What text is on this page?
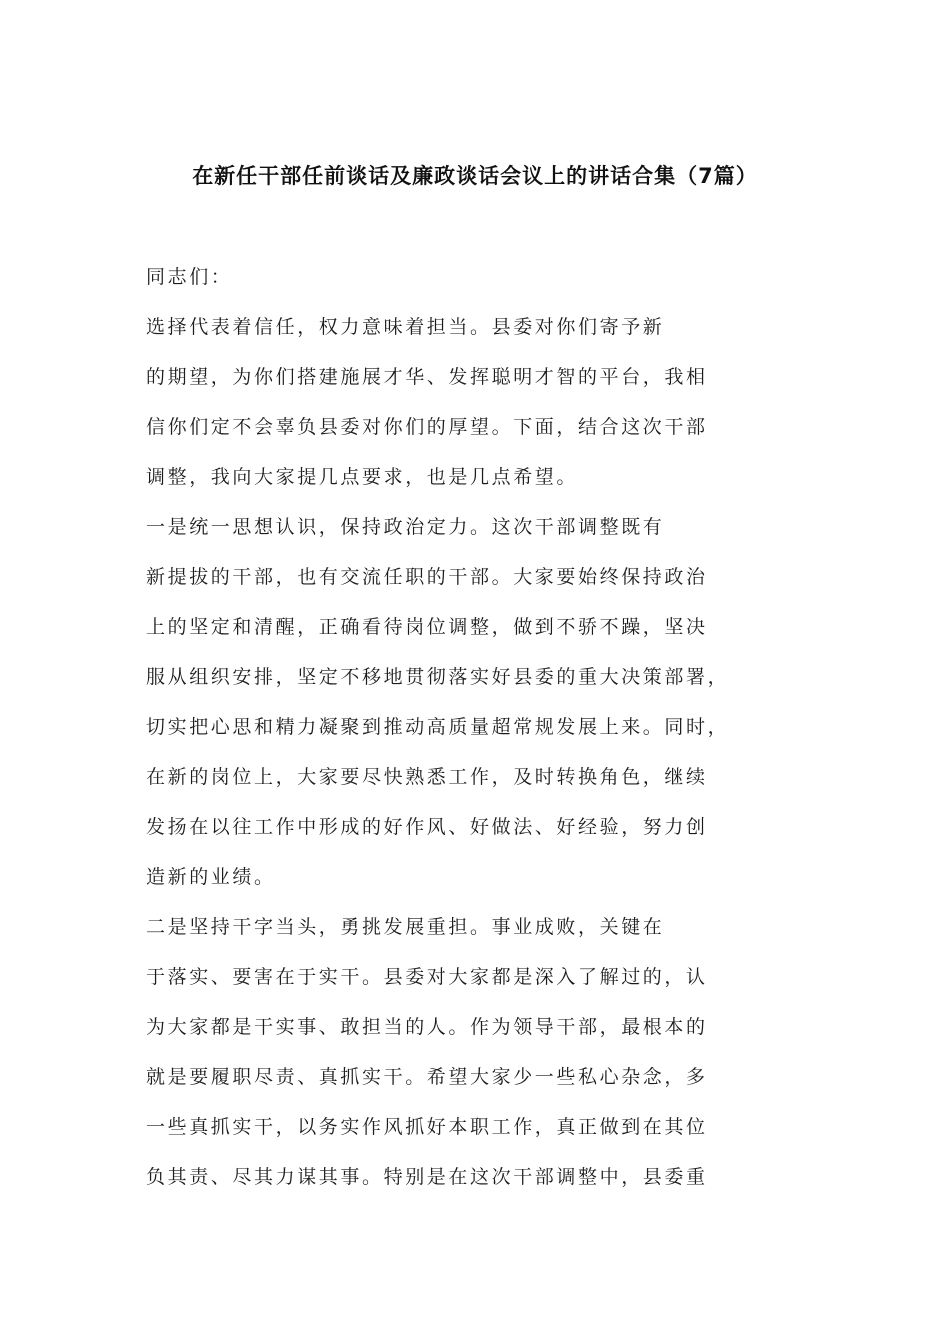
在新任干部任前谈话及廉政谈话会议上的讲话合集（7篇）
同志们：
选择代表着信任，权力意味着担当。县委对你们寄予新
的期望，为你们搭建施展才华、发挥聪明才智的平台，我相
信你们定不会辜负县委对你们的厚望。下面，结合这次干部
调整，我向大家提几点要求，也是几点希望。
一是统一思想认识，保持政治定力。这次干部调整既有
新提拔的干部，也有交流任职的干部。大家要始终保持政治
上的坚定和清醒，正确看待岗位调整，做到不骄不躁，坚决
服从组织安排，坚定不移地贯彻落实好县委的重大决策部署，
切实把心思和精力凝聚到推动高质量超常规发展上来。同时，
在新的岗位上，大家要尽快熟悉工作，及时转换角色，继续
发扬在以往工作中形成的好作风、好做法、好经验，努力创
造新的业绩。
二是坚持干字当头，勇挑发展重担。事业成败，关键在
于落实、要害在于实干。县委对大家都是深入了解过的，认
为大家都是干实事、敢担当的人。作为领导干部，最根本的
就是要履职尽责、真抓实干。希望大家少一些私心杂念，多
一些真抓实干，以务实作风抓好本职工作，真正做到在其位
负其责、尽其力谋其事。特别是在这次干部调整中，县委重
